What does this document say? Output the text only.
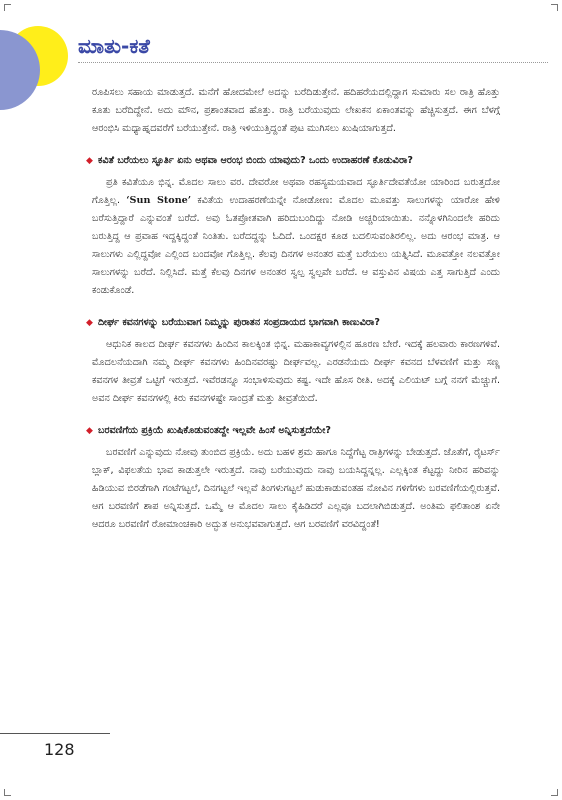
ಮಾತು-ಕತೆ

ರೂಪಿಸಲು ಸಹಾಯ ಮಾಡುತ್ತದೆ. ಮನೆಗೆ ಹೋದಮೇಲೆ ಅದನ್ನು ಬರೆದಿಡುತ್ತೇನೆ. ಹದಿಹರೆಯದಲ್ಲಿದ್ದಾಗ ಸುಮಾರು ಸಲ ರಾತ್ರಿ ಹೊತ್ತು ಕೂತು ಬರೆದಿದ್ದೇನೆ. ಅದು ಮೌನ, ಪ್ರಶಾಂತವಾದ ಹೊತ್ತು. ರಾತ್ರಿ ಬರೆಯುವುದು ಲೇಖಕನ ಏಕಾಂತವನ್ನು ಹೆಚ್ಚಿಸುತ್ತದೆ. ಈಗ ಬೆಳಗ್ಗೆ ಆರಂಭಿಸಿ ಮಧ್ಯಾಹ್ನದವರೆಗೆ ಬರೆಯುತ್ತೇನೆ. ರಾತ್ರಿ ಇಳಿಯುತ್ತಿದ್ದಂತೆ ಪುಟ ಮುಗಿಸಲು ಖುಷಿಯಾಗುತ್ತದೆ.

◆ ಕವಿತೆ ಬರೆಯಲು ಸ್ಫೂರ್ತಿ ಏನು ಅಥವಾ ಆರಂಭ ಬಿಂದು ಯಾವುದು? ಒಂದು ಉದಾಹರಣೆ ಕೊಡುವಿರಾ?

ಪ್ರತಿ ಕವಿತೆಯೂ ಭಿನ್ನ. ಮೊದಲ ಸಾಲು ವರ. ದೇವರೋ ಅಥವಾ ರಹಸ್ಯಮಯವಾದ ಸ್ಫೂರ್ತಿದೇವತೆಯೋ ಯಾರಿಂದ ಬರುತ್ತದೋ ಗೊತ್ತಿಲ್ಲ. ‘Sun Stone’ ಕವಿತೆಯ ಉದಾಹರಣೆಯನ್ನೇ ನೋಡೋಣ: ಮೊದಲ ಮೂವತ್ತು ಸಾಲುಗಳನ್ನು ಯಾರೋ ಹೇಳಿ ಬರೆಸುತ್ತಿದ್ದಾರೆ ಎನ್ನುವಂತೆ ಬರೆದೆ. ಅವು ಓತಪ್ರೋತವಾಗಿ ಹರಿದುಬಂದಿದ್ದು ನೋಡಿ ಅಚ್ಚರಿಯಾಯಿತು. ನನ್ನೊಳಗಿನಿಂದಲೇ ಹರಿದು ಬರುತ್ತಿದ್ದ ಆ ಪ್ರವಾಹ ಇದ್ದಕ್ಕಿದ್ದಂತೆ ನಿಂತಿತು. ಬರೆದದ್ದನ್ನು ಓದಿದೆ. ಒಂದಕ್ಷರ ಕೂಡ ಬದಲಿಸುವಂತಿರಲಿಲ್ಲ. ಅದು ಆರಂಭ ಮಾತ್ರ. ಆ ಸಾಲುಗಳು ಎಲ್ಲಿದ್ದವೋ ಎಲ್ಲಿಂದ ಬಂದವೋ ಗೊತ್ತಿಲ್ಲ. ಕೆಲವು ದಿನಗಳ ಅನಂತರ ಮತ್ತೆ ಬರೆಯಲು ಯತ್ನಿಸಿದೆ. ಮೂವತ್ತೋ ನಲವತ್ತೋ ಸಾಲುಗಳನ್ನು ಬರೆದೆ. ನಿಲ್ಲಿಸಿದೆ. ಮತ್ತೆ ಕೆಲವು ದಿನಗಳ ಅನಂತರ ಸ್ವಲ್ಪ ಸ್ವಲ್ಪವೇ ಬರೆದೆ. ಆ ವಸ್ತುವಿನ ವಿಷಯ ಎತ್ತ ಸಾಗುತ್ತಿದೆ ಎಂದು ಕಂಡುಕೊಂಡೆ.

◆ ದೀರ್ಘ ಕವನಗಳನ್ನು ಬರೆಯುವಾಗ ನಿಮ್ಮನ್ನು ಪುರಾತನ ಸಂಪ್ರದಾಯದ ಭಾಗವಾಗಿ ಕಾಣುವಿರಾ?

ಆಧುನಿಕ ಕಾಲದ ದೀರ್ಘ ಕವನಗಳು ಹಿಂದಿನ ಕಾಲಕ್ಕಿಂತ ಭಿನ್ನ. ಮಹಾಕಾವ್ಯಗಳಲ್ಲಿನ ಹೂರಣ ಬೇರೆ. ಇದಕ್ಕೆ ಹಲವಾರು ಕಾರಣಗಳಿವೆ. ಮೊದಲನೆಯದಾಗಿ ನಮ್ಮ ದೀರ್ಘ ಕವನಗಳು ಹಿಂದಿನವರಷ್ಟು ದೀರ್ಘವಲ್ಲ. ಎರಡನೆಯದು ದೀರ್ಘ ಕವನದ ಬೆಳವಣಿಗೆ ಮತ್ತು ಸಣ್ಣ ಕವನಗಳ ತೀವ್ರತೆ ಒಟ್ಟಿಗೆ ಇರುತ್ತದೆ. ಇವೆರಡನ್ನೂ ಸಂಭಾಳಿಸುವುದು ಕಷ್ಟ. ಇದೇ ಹೊಸ ರೀತಿ. ಅದಕ್ಕೆ ಎಲಿಯಟ್ ಬಗ್ಗೆ ನನಗೆ ಮೆಚ್ಚುಗೆ. ಅವನ ದೀರ್ಘ ಕವನಗಳಲ್ಲಿ ಕಿರು ಕವನಗಳಷ್ಟೇ ಸಾಂದ್ರತೆ ಮತ್ತು ತೀವ್ರತೆಯಿದೆ.

◆ ಬರವಣಿಗೆಯ ಪ್ರಕ್ರಿಯೆ ಖುಷಿಕೊಡುವಂತದ್ದೇ ಇಲ್ಲವೇ ಹಿಂಸೆ ಅನ್ನಿಸುತ್ತದೆಯೇ?

ಬರವಣಿಗೆ ಎನ್ನುವುದು ನೋವು ತುಂಬಿದ ಪ್ರಕ್ರಿಯೆ. ಅದು ಬಹಳ ಶ್ರಮ ಹಾಗೂ ನಿದ್ದೆಗೆಟ್ಟ ರಾತ್ರಿಗಳನ್ನು ಬೇಡುತ್ತದೆ. ಜೊತೆಗೆ, ರೈಟರ್ಸ್ ಬ್ಲಾಕ್, ವಿಫಲತೆಯ ಭಾವ ಕಾಡುತ್ತಲೇ ಇರುತ್ತದೆ. ನಾವು ಬರೆಯುವುದು ನಾವು ಬಯಸಿದ್ದನ್ನಲ್ಲ. ಎಲ್ಲಕ್ಕಿಂತ ಕೆಟ್ಟದ್ದು ನೀರಿನ ಹರಿವನ್ನು ಹಿಡಿಯುವ ಬಿರಡೆಗಾಗಿ ಗಂಟೆಗಟ್ಟಲೆ, ದಿನಗಟ್ಟಲೆ ಇಲ್ಲವೆ ತಿಂಗಳುಗಟ್ಟಲೆ ಹುಡುಕಾಡುವಂತಹ ನೋವಿನ ಗಳಿಗೆಗಳು ಬರವಣಿಗೆಯಲ್ಲಿರುತ್ತವೆ. ಆಗ ಬರವಣಿಗೆ ಶಾಪ ಅನ್ನಿಸುತ್ತದೆ. ಒಮ್ಮೆ ಆ ಮೊದಲ ಸಾಲು ಕೈಹಿಡಿದರೆ ಎಲ್ಲವೂ ಬದಲಾಗಿಬಿಡುತ್ತದೆ. ಅಂತಿಮ ಫಲಿತಾಂಶ ಏನೇ ಆದರೂ ಬರವಣಿಗೆ ರೋಮಾಂಚಕಾರಿ ಅದ್ಭುತ ಅನುಭವವಾಗುತ್ತದೆ. ಆಗ ಬರವಣಿಗೆ ವರವಿದ್ದಂತೆ!

128
